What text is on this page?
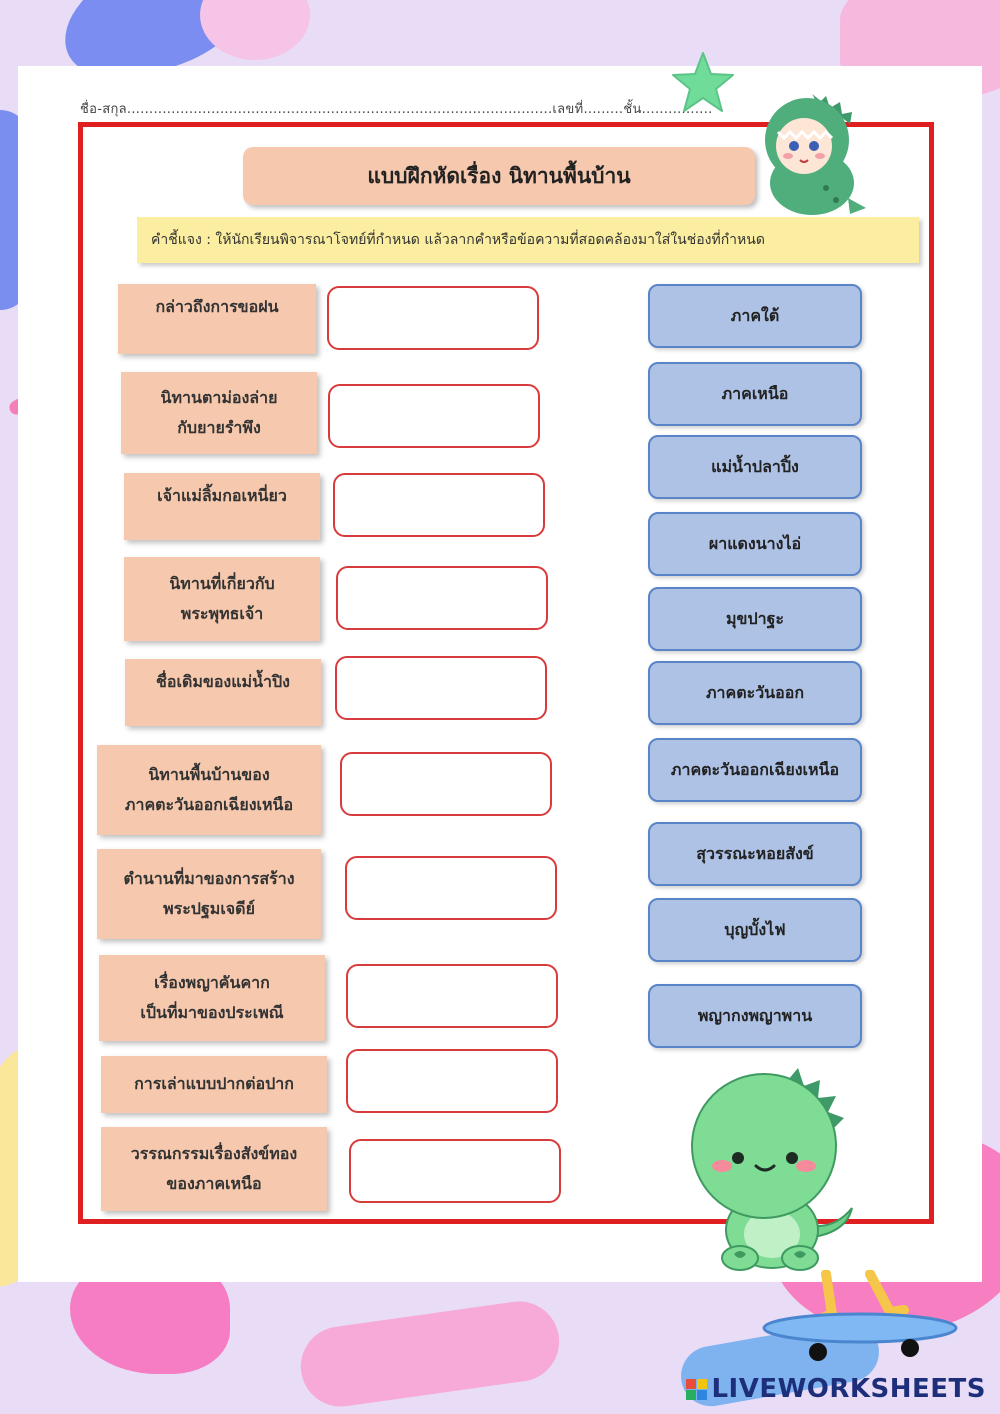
ชื่อ-สกุล................................................................................................เลขที่.........ชั้น................
แบบฝึกหัดเรื่อง นิทานพื้นบ้าน
คำชี้แจง : ให้นักเรียนพิจารณาโจทย์ที่กำหนด แล้วลากคำหรือข้อความที่สอดคล้องมาใส่ในช่องที่กำหนด
กล่าวถึงการขอฝน
นิทานตาม่องล่าย
กับยายรำพึง
เจ้าแม่ลิ้มกอเหนี่ยว
นิทานที่เกี่ยวกับ
พระพุทธเจ้า
ชื่อเดิมของแม่น้ำปิง
นิทานพื้นบ้านของ
ภาคตะวันออกเฉียงเหนือ
ตำนานที่มาของการสร้าง
พระปฐมเจดีย์
เรื่องพญาคันคาก
เป็นที่มาของประเพณี
การเล่าแบบปากต่อปาก
วรรณกรรมเรื่องสังข์ทอง
ของภาคเหนือ
ภาคใต้
ภาคเหนือ
แม่น้ำปลาปิ้ง
ผาแดงนางไอ่
มุขปาฐะ
ภาคตะวันออก
ภาคตะวันออกเฉียงเหนือ
สุวรรณะหอยสังข์
บุญบั้งไฟ
พญากงพญาพาน
LIVEWORKSHEETS
